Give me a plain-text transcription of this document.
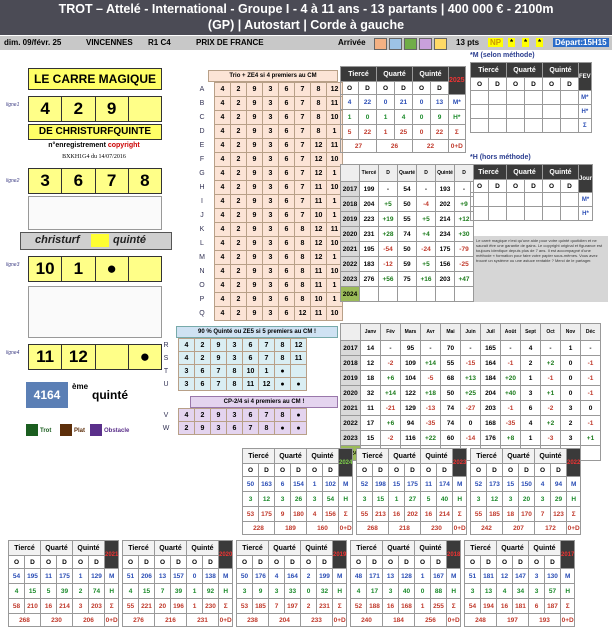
TROT – Attelé - International - Groupe I - 4 à 11 ans - 13 partants | 400 000 € - 2100m
(GP) | Autostart | Corde à gauche
dim. 09/févr. 25	VINCENNES R1 C4	PRIX DE FRANCE	Arrivée	13 pts NP * * * Départ:15H15
ligne1
ligne2
ligne3
ligne4
LE CARRE MAGIQUE
4	2	9
DE CHRISTURFQUINTE
n°enregistrement copyright
BXKH1G4 du 14/07/2016
3	6	7	8
christurf	quinté
10	1	●
11 12	●
4164
ème
quinté
Trot	Plat	Obstacle
Trio + ZE4 si 4 premiers au CM
A		4	2	9	3	6	7	8	12
B		4	2	9	3	6	7	8	11
C		4	2	9	3	6	7	8	10
D		4	2	9	3	6	7	8	1
E		4	2	9	3	6	7	12	11
F		4	2	9	3	6	7	12	10
G		4	2	9	3	6	7	12	1
H		4	2	9	3	6	7	11	10
I		4	2	9	3	6	7	11	1
J		4	2	9	3	6	7	10	1
K		4	2	9	3	6	8	12	11
L		4	2	9	3	6	8	12	10
M		4	2	9	3	6	8	12	1
N		4	2	9	3	6	8	11	10
O		4	2	9	3	6	8	11	1
P		4	2	9	3	6	8	10	1
Q		4	2	9	3	6	12	11	10
90 % Quinté ou ZE5 si 5 premiers au CM !
R		4	2	9	3	6	7	8	12
S		4	2	9	3	6	7	8	11
T		3	6	7	8	10	1	●	
U		3	6	7	8	11	12	●	●
CP-2/4 si 4 premiers au CM !
V		4	2	9	3	6	7	8	●
W		2	9	3	6	7	8	●	●
Tiercé		Quarté		Quinté		2025
O	D	O	D	O	D	
4	22	0	21	0	13	M*
1	0	1	4	0	9	H*
5	22	1	25	0	22	Σ
27		26		22		0+D
*M (selon méthode)
Tiercé		Quarté		Quinté		FEV
O	D	O	D	O	D	
						M*
						H*
						Σ
*H (hors méthode)
Tiercé		Quarté		Quinté		Jour
O	D	O	D	O	D	
						M*
						H*
	Tiercé	D	Quarté	D	Quinté	D
2017	199	-	54	-	193	-
2018	204	+5	50	-4	202	+9
2019	223	+19	55	+5	214	+12
2020	231	+28	74	+4	234	+30
2021	195	-54	50	-24	175	-79
2022	183	-12	59	+5	156	-25
2023	276	+56	75	+16	203	+47
2024						
Le carré magique n'est qu'une aide pour votre quinté quotidien et ne saurait être une garantie de gains. Le copyright original et figurance est toujours identique depuis plus de 7 ans. Il est accompagné d'une méthode « formation pour faire votre papier sous-mêmes. Vous avez trouvé un système ou une astuce rentable ? Merci de le partager.
	Janv	Fév	Mars	Avr	Mai	Juin	Juil	Août	Sept	Oct	Nov	Déc
2017	14	-	95	-	70	-	165	-	4	-	1	-
2018	12	-2	109	+14	55	-15	164	-1	2	+2	0	-1
2019	18	+6	104	-5	68	+13	184	+20	1	-1	0	-1
2020	32	+14	122	+18	50	+25	204	+40	3	+1	0	-1
2021	11	-21	129	-13	74	-27	203	-1	6	-2	3	0
2022	17	+6	94	-35	74	0	168	-35	4	+2	2	-1
2023	15	-2	116	+22	60	-14	176	+8	1	-3	3	+1

Tiercé		Quarté		Quinté		2024
O	D	O	D	O	D	
50	163	6	154	1	102	M
3	12	3	26	3	54	H
53	175	9	180	4	156	Σ
228		189		160		0+D
Tiercé		Quarté		Quinté		2023
O	D	O	D	O	D	
52	198	15	175	11	174	M
3	15	1	27	5	40	H
55	213	16	202	16	214	Σ
268		218		230		0+D
Tiercé		Quarté		Quinté		2022
O	D	O	D	O	D	
52	173	15	150	4	94	M
3	12	3	20	3	29	H
55	185	18	170	7	123	Σ
242		207		172		0+D
Tiercé		Quarté		Quinté		2021
O	D	O	D	O	D	
54	195	11	175	1	129	M
4	15	5	39	2	74	H
58	210	16	214	3	203	Σ
268		230		206		0+D
Tiercé		Quarté		Quinté		2020
O	D	O	D	O	D	
51	206	13	157	0	138	M
4	15	7	39	1	92	H
55	221	20	196	1	230	Σ
276		216		231		0+D
Tiercé		Quarté		Quinté		2019
O	D	O	D	O	D	
50	176	4	164	2	199	M
3	9	3	33	0	32	H
53	185	7	197	2	231	Σ
238		204		233		0+D
Tiercé		Quarté		Quinté		2018
O	D	O	D	O	D	
48	171	13	128	1	167	M
4	17	3	40	0	88	H
52	188	16	168	1	255	Σ
240		184		256		0+D
Tiercé		Quarté		Quinté		2017
O	D	O	D	O	D	
51	181	12	147	3	130	M
3	13	4	34	3	57	H
54	194	16	181	6	187	Σ
248		197		193		0+D
